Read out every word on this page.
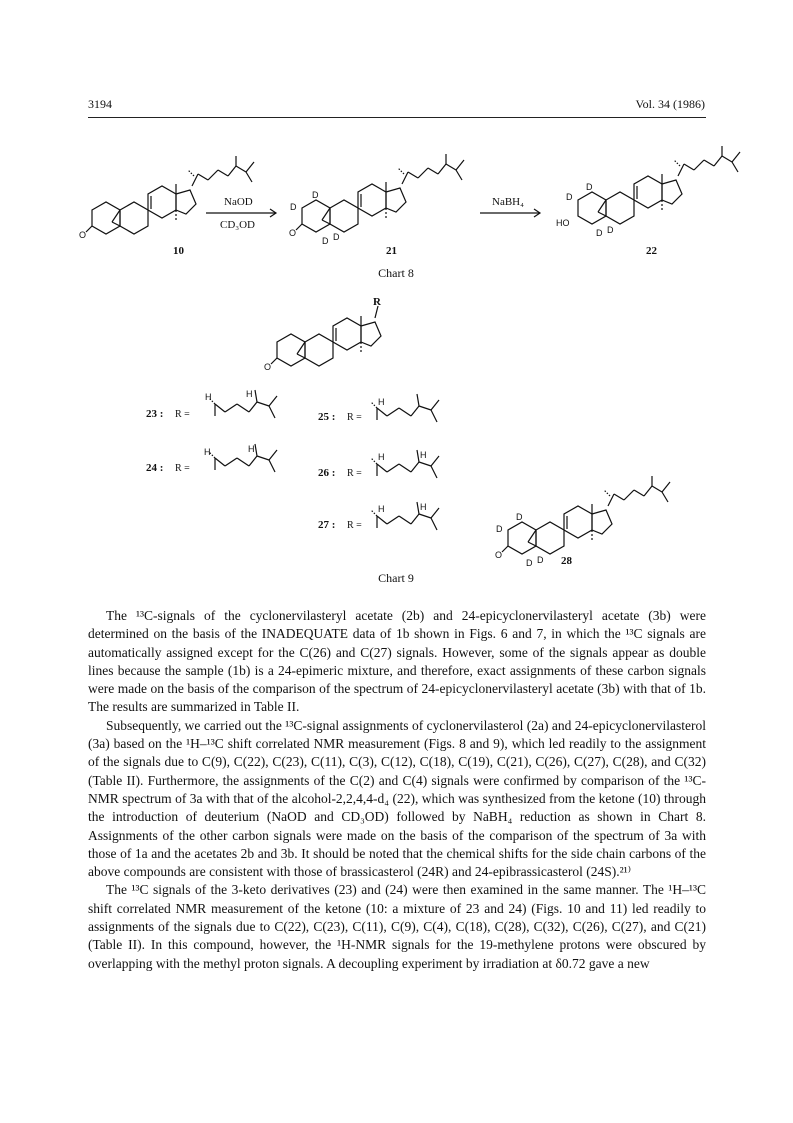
3194	Vol. 34 (1986)
O	O
D
D
D D
HO
D
D
D D
O
H	H
H	H
H
H	H
H	H
O
D
D
D D
NaOD
CD₃OD
NaBH₄
10	21	22
Chart 8
R
23 : R =
24 : R =
25 : R =
26 : R =
27 : R =
28
Chart 9

The ¹³C-signals of the cyclonervilasteryl acetate (2b) and 24-epicyclonervilasteryl acetate (3b) were determined on the basis of the INADEQUATE data of 1b shown in Figs. 6 and 7, in which the ¹³C signals are automatically assigned except for the C(26) and C(27) signals. However, some of the signals appear as double lines because the sample (1b) is a 24-epimeric mixture, and therefore, exact assignments of these carbon signals were made on the basis of the comparison of the spectrum of 24-epicyclonervilasteryl acetate (3b) with that of 1b. The results are summarized in Table II.

Subsequently, we carried out the ¹³C-signal assignments of cyclonervilasterol (2a) and 24-epicyclonervilasterol (3a) based on the ¹H–¹³C shift correlated NMR measurement (Figs. 8 and 9), which led readily to the assignment of the signals due to C(9), C(22), C(23), C(11), C(3), C(12), C(18), C(19), C(21), C(26), C(27), C(28), and C(32) (Table II). Furthermore, the assignments of the C(2) and C(4) signals were confirmed by comparison of the ¹³C-NMR spectrum of 3a with that of the alcohol-2,2,4,4-d₄ (22), which was synthesized from the ketone (10) through the introduction of deuterium (NaOD and CD₃OD) followed by NaBH₄ reduction as shown in Chart 8. Assignments of the other carbon signals were made on the basis of the comparison of the spectrum of 3a with those of 1a and the acetates 2b and 3b. It should be noted that the chemical shifts for the side chain carbons of the above compounds are consistent with those of brassicasterol (24R) and 24-epibrassicasterol (24S).²¹⁾

The ¹³C signals of the 3-keto derivatives (23) and (24) were then examined in the same manner. The ¹H–¹³C shift correlated NMR measurement of the ketone (10: a mixture of 23 and 24) (Figs. 10 and 11) led readily to assignments of the signals due to C(22), C(23), C(11), C(9), C(4), C(18), C(28), C(32), C(26), C(27), and C(21) (Table II). In this compound, however, the ¹H-NMR signals for the 19-methylene protons were obscured by overlapping with the methyl proton signals. A decoupling experiment by irradiation at δ0.72 gave a new
